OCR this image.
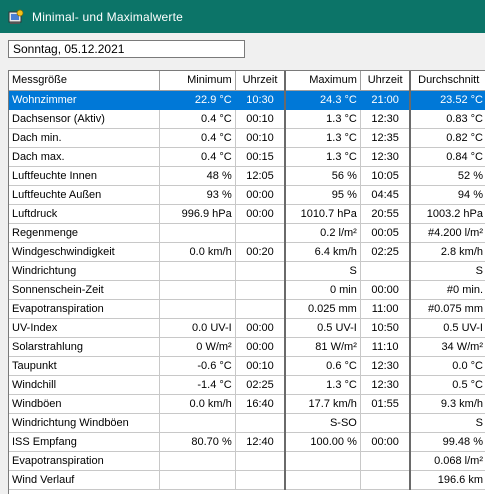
Minimal- und Maximalwerte
Sonntag, 05.12.2021
Messgröße	Minimum	Uhrzeit	Maximum	Uhrzeit	Durchschnitt
Wohnzimmer	22.9 °C	10:30	24.3 °C	21:00	23.52 °C
Dachsensor (Aktiv)	0.4 °C	00:10	1.3 °C	12:30	0.83 °C
Dach min.	0.4 °C	00:10	1.3 °C	12:35	0.82 °C
Dach max.	0.4 °C	00:15	1.3 °C	12:30	0.84 °C
Luftfeuchte Innen	48 %	12:05	56 %	10:05	52 %
Luftfeuchte Außen	93 %	00:00	95 %	04:45	94 %
Luftdruck	996.9 hPa	00:00	1010.7 hPa	20:55	1003.2 hPa
Regenmenge			0.2 l/m²	00:05	#4.200 l/m²
Windgeschwindigkeit	0.0 km/h	00:20	6.4 km/h	02:25	2.8 km/h
Windrichtung			S		S
Sonnenschein-Zeit			0 min	00:00	#0 min.
Evapotranspiration			0.025 mm	11:00	#0.075 mm
UV-Index	0.0 UV-I	00:00	0.5 UV-I	10:50	0.5 UV-I
Solarstrahlung	0 W/m²	00:00	81 W/m²	11:10	34 W/m²
Taupunkt	-0.6 °C	00:10	0.6 °C	12:30	0.0 °C
Windchill	-1.4 °C	02:25	1.3 °C	12:30	0.5 °C
Windböen	0.0 km/h	16:40	17.7 km/h	01:55	9.3 km/h
Windrichtung Windböen			S-SO		S
ISS Empfang	80.70 %	12:40	100.00 %	00:00	99.48 %
Evapotranspiration					0.068 l/m²
Wind Verlauf					196.6 km
